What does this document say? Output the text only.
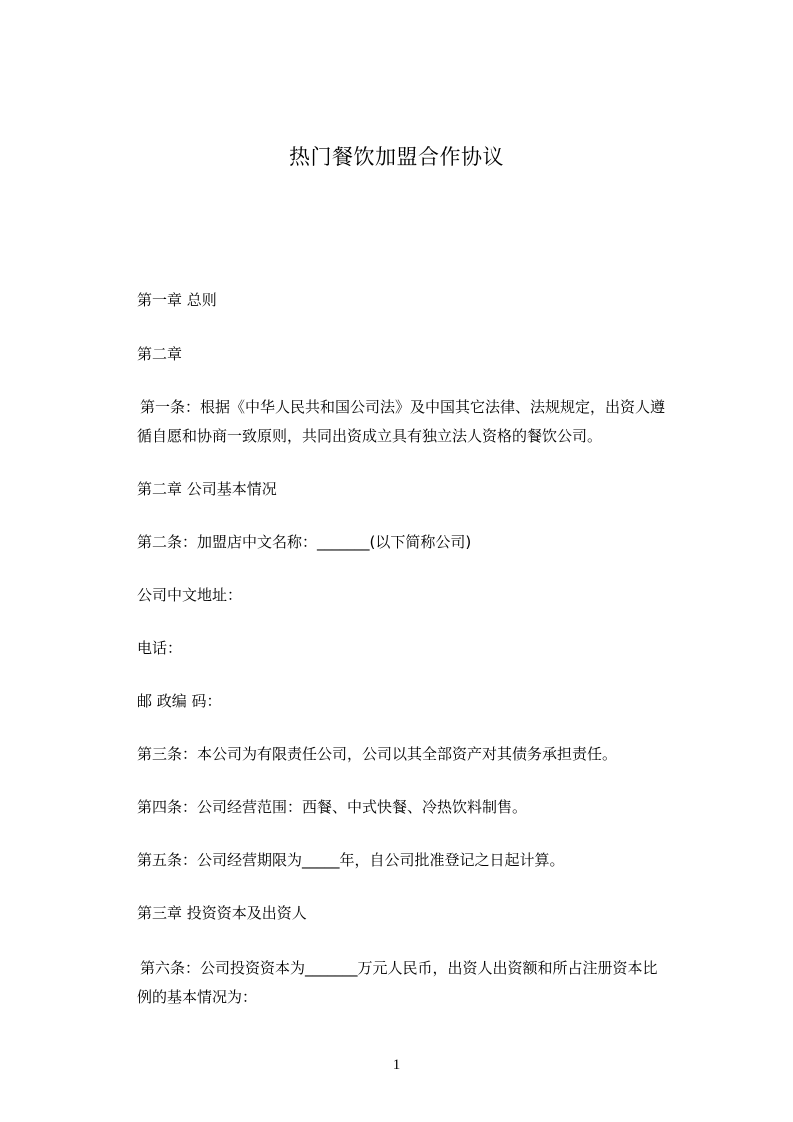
热门餐饮加盟合作协议
第一章 总则
第二章
第一条：根据《中华人民共和国公司法》及中国其它法律、法规规定，出资人遵
循自愿和协商一致原则，共同出资成立具有独立法人资格的餐饮公司。
第二章 公司基本情况
第二条：加盟店中文名称：_______(以下简称公司)
公司中文地址：
电话：
邮 政编 码：
第三条：本公司为有限责任公司，公司以其全部资产对其债务承担责任。
第四条：公司经营范围：西餐、中式快餐、冷热饮料制售。
第五条：公司经营期限为_____年，自公司批准登记之日起计算。
第三章 投资资本及出资人
第六条：公司投资资本为_______万元人民币，出资人出资额和所占注册资本比
例的基本情况为：
1
